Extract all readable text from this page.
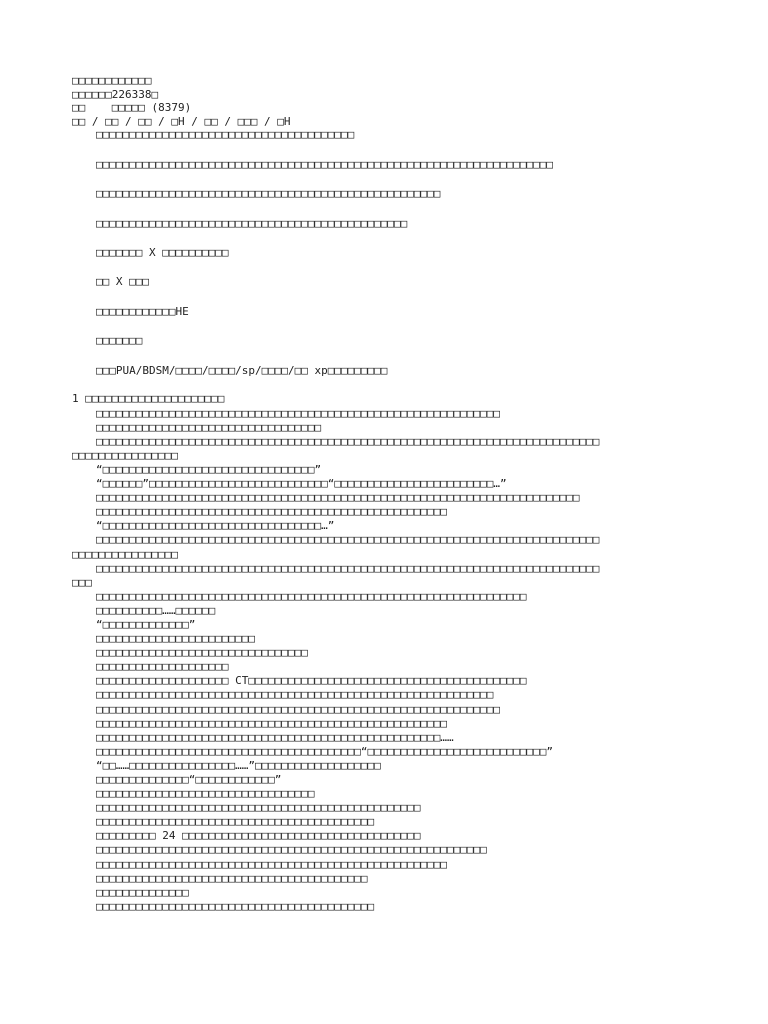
□□□□□□□□□□□□
□□□□□□226338□
□□    □□□□□ (8379)
□□ / □□ / □□ / □H / □□ / □□□ / □H
□□□□□□□□□□□□□□□□□□□□□□□□□□□□□□□□□□□□□□□
□□□□□□□□□□□□□□□□□□□□□□□□□□□□□□□□□□□□□□□□□□□□□□□□□□□□□□□□□□□□□□□□□□□□□
□□□□□□□□□□□□□□□□□□□□□□□□□□□□□□□□□□□□□□□□□□□□□□□□□□□□
□□□□□□□□□□□□□□□□□□□□□□□□□□□□□□□□□□□□□□□□□□□□□□□
□□□□□□□ X □□□□□□□□□□
□□ X □□□
□□□□□□□□□□□□HE
□□□□□□□
□□□PUA/BDSM/□□□□/□□□□/sp/□□□□/□□ xp□□□□□□□□□
1 □□□□□□□□□□□□□□□□□□□□□
□□□□□□□□□□□□□□□□□□□□□□□□□□□□□□□□□□□□□□□□□□□□□□□□□□□□□□□□□□□□□
□□□□□□□□□□□□□□□□□□□□□□□□□□□□□□□□□□
□□□□□□□□□□□□□□□□□□□□□□□□□□□□□□□□□□□□□□□□□□□□□□□□□□□□□□□□□□□□□□□□□□□□□□□□□□□□
□□□□□□□□□□□□□□□□
“□□□□□□□□□□□□□□□□□□□□□□□□□□□□□□□□”
“□□□□□□”□□□□□□□□□□□□□□□□□□□□□□□□□□□“□□□□□□□□□□□□□□□□□□□□□□□□…”
□□□□□□□□□□□□□□□□□□□□□□□□□□□□□□□□□□□□□□□□□□□□□□□□□□□□□□□□□□□□□□□□□□□□□□□□□
□□□□□□□□□□□□□□□□□□□□□□□□□□□□□□□□□□□□□□□□□□□□□□□□□□□□□
“□□□□□□□□□□□□□□□□□□□□□□□□□□□□□□□□□…”
□□□□□□□□□□□□□□□□□□□□□□□□□□□□□□□□□□□□□□□□□□□□□□□□□□□□□□□□□□□□□□□□□□□□□□□□□□□□
□□□□□□□□□□□□□□□□
□□□□□□□□□□□□□□□□□□□□□□□□□□□□□□□□□□□□□□□□□□□□□□□□□□□□□□□□□□□□□□□□□□□□□□□□□□□□
□□□
□□□□□□□□□□□□□□□□□□□□□□□□□□□□□□□□□□□□□□□□□□□□□□□□□□□□□□□□□□□□□□□□□
□□□□□□□□□□……□□□□□□
“□□□□□□□□□□□□□”
□□□□□□□□□□□□□□□□□□□□□□□□
□□□□□□□□□□□□□□□□□□□□□□□□□□□□□□□□
□□□□□□□□□□□□□□□□□□□□
□□□□□□□□□□□□□□□□□□□□ CT□□□□□□□□□□□□□□□□□□□□□□□□□□□□□□□□□□□□□□□□□□
□□□□□□□□□□□□□□□□□□□□□□□□□□□□□□□□□□□□□□□□□□□□□□□□□□□□□□□□□□□□
□□□□□□□□□□□□□□□□□□□□□□□□□□□□□□□□□□□□□□□□□□□□□□□□□□□□□□□□□□□□□
□□□□□□□□□□□□□□□□□□□□□□□□□□□□□□□□□□□□□□□□□□□□□□□□□□□□□
□□□□□□□□□□□□□□□□□□□□□□□□□□□□□□□□□□□□□□□□□□□□□□□□□□□□……
□□□□□□□□□□□□□□□□□□□□□□□□□□□□□□□□□□□□□□□□“□□□□□□□□□□□□□□□□□□□□□□□□□□□”
“□□……□□□□□□□□□□□□□□□□……”□□□□□□□□□□□□□□□□□□□
□□□□□□□□□□□□□□“□□□□□□□□□□□□”
□□□□□□□□□□□□□□□□□□□□□□□□□□□□□□□□□
□□□□□□□□□□□□□□□□□□□□□□□□□□□□□□□□□□□□□□□□□□□□□□□□□
□□□□□□□□□□□□□□□□□□□□□□□□□□□□□□□□□□□□□□□□□□
□□□□□□□□□ 24 □□□□□□□□□□□□□□□□□□□□□□□□□□□□□□□□□□□□
□□□□□□□□□□□□□□□□□□□□□□□□□□□□□□□□□□□□□□□□□□□□□□□□□□□□□□□□□□□
□□□□□□□□□□□□□□□□□□□□□□□□□□□□□□□□□□□□□□□□□□□□□□□□□□□□□
□□□□□□□□□□□□□□□□□□□□□□□□□□□□□□□□□□□□□□□□□
□□□□□□□□□□□□□□
□□□□□□□□□□□□□□□□□□□□□□□□□□□□□□□□□□□□□□□□□□
